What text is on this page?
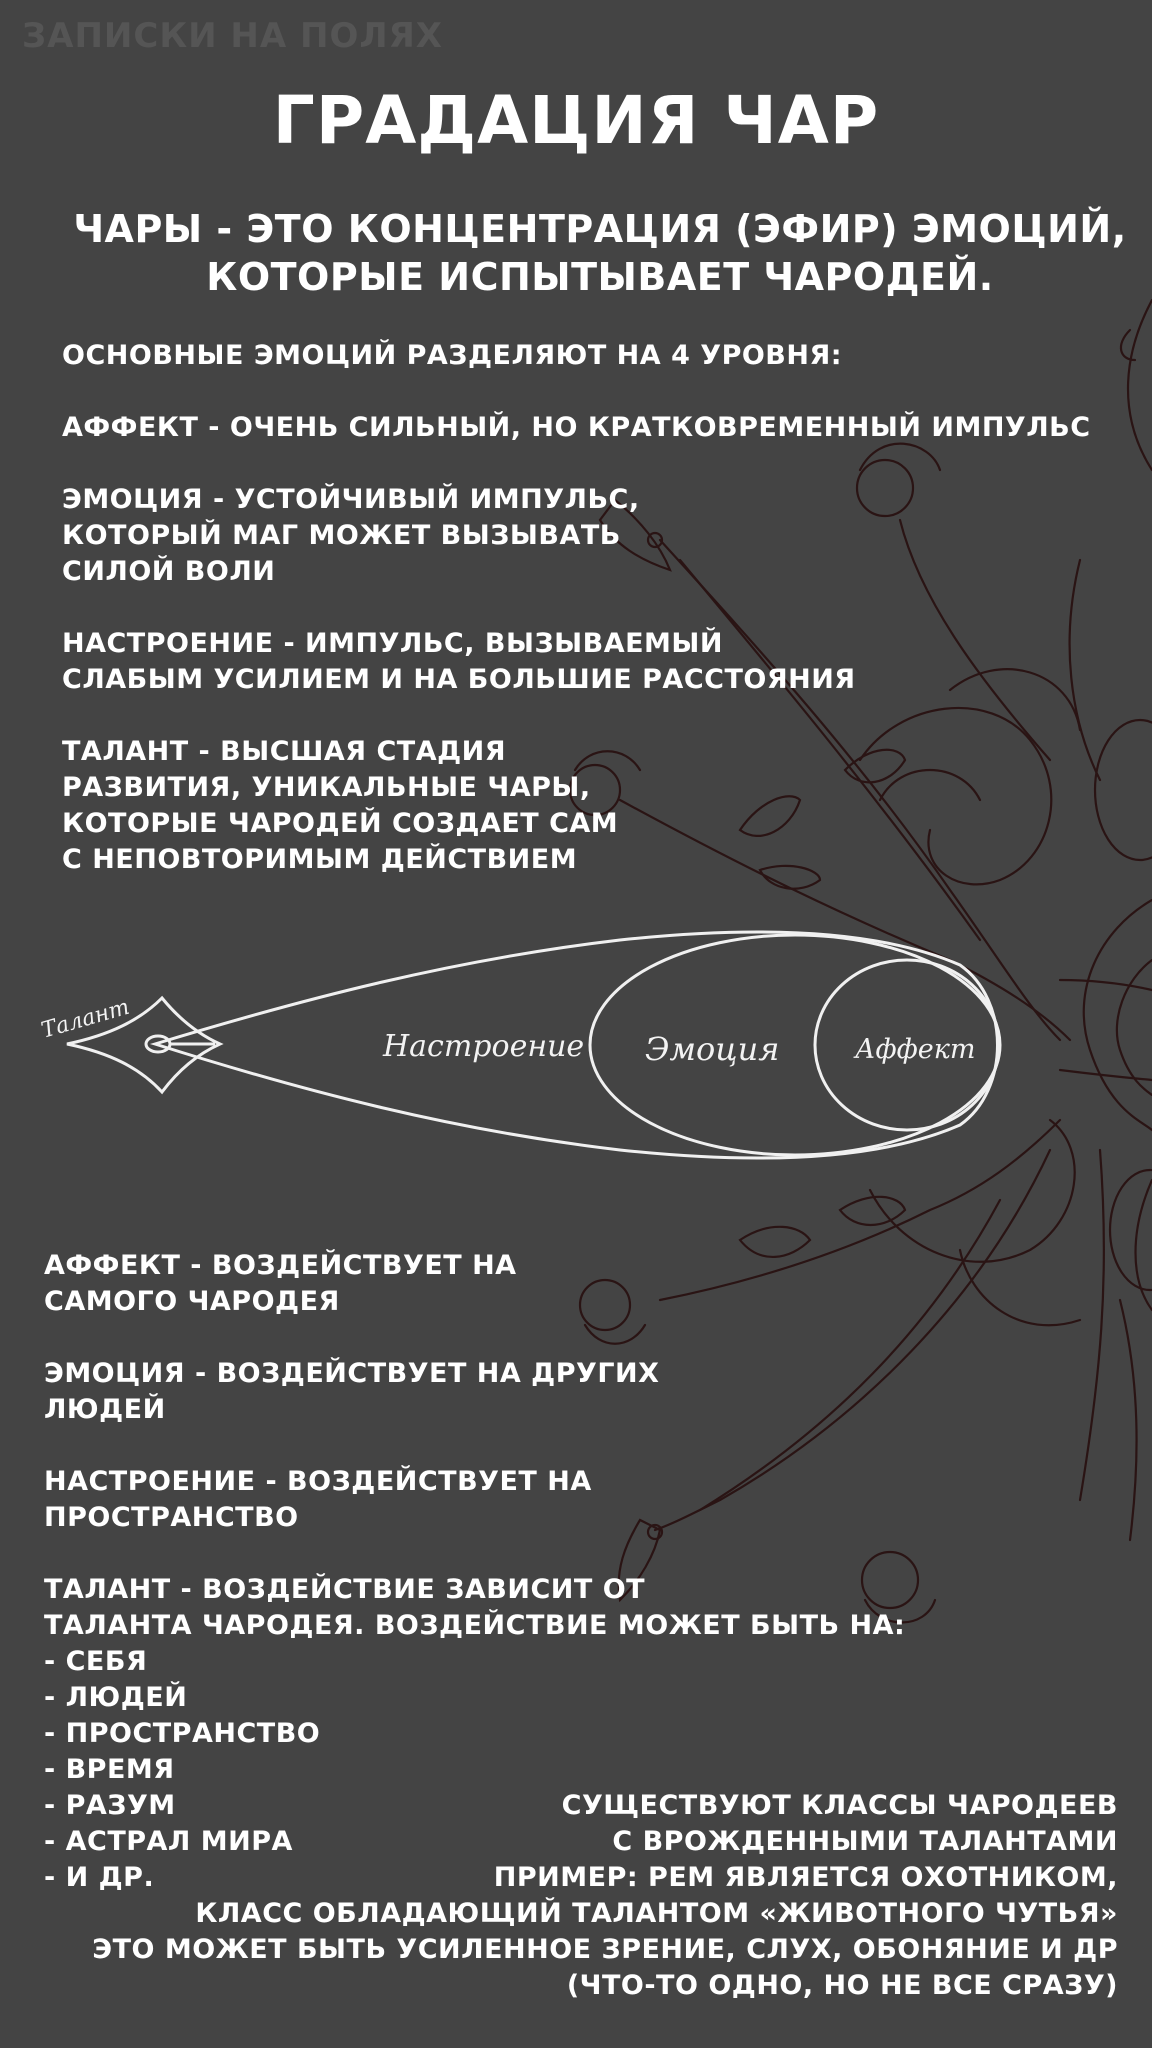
Талант
Настроение Эмоция	Аффект
ЗАПИСКИ НА ПОЛЯХ
ГРАДАЦИЯ ЧАР
ЧАРЫ - ЭТО КОНЦЕНТРАЦИЯ (ЭФИР) ЭМОЦИЙ,
КОТОРЫЕ ИСПЫТЫВАЕТ ЧАРОДЕЙ.
ОСНОВНЫЕ ЭМОЦИЙ РАЗДЕЛЯЮТ НА 4 УРОВНЯ:
АФФЕКТ - ОЧЕНЬ СИЛЬНЫЙ, НО КРАТКОВРЕМЕННЫЙ ИМПУЛЬС
ЭМОЦИЯ - УСТОЙЧИВЫЙ ИМПУЛЬС,
КОТОРЫЙ МАГ МОЖЕТ ВЫЗЫВАТЬ
СИЛОЙ ВОЛИ
НАСТРОЕНИЕ - ИМПУЛЬС, ВЫЗЫВАЕМЫЙ
СЛАБЫМ УСИЛИЕМ И НА БОЛЬШИЕ РАССТОЯНИЯ
ТАЛАНТ - ВЫСШАЯ СТАДИЯ
РАЗВИТИЯ, УНИКАЛЬНЫЕ ЧАРЫ,
КОТОРЫЕ ЧАРОДЕЙ СОЗДАЕТ САМ
С НЕПОВТОРИМЫМ ДЕЙСТВИЕМ
АФФЕКТ - ВОЗДЕЙСТВУЕТ НА
САМОГО ЧАРОДЕЯ
ЭМОЦИЯ - ВОЗДЕЙСТВУЕТ НА ДРУГИХ
ЛЮДЕЙ
НАСТРОЕНИЕ - ВОЗДЕЙСТВУЕТ НА
ПРОСТРАНСТВО
ТАЛАНТ - ВОЗДЕЙСТВИЕ ЗАВИСИТ ОТ
ТАЛАНТА ЧАРОДЕЯ. ВОЗДЕЙСТВИЕ МОЖЕТ БЫТЬ НА:
- СЕБЯ
- ЛЮДЕЙ
- ПРОСТРАНСТВО
- ВРЕМЯ
- РАЗУМ
- АСТРАЛ МИРА
- И ДР.
СУЩЕСТВУЮТ КЛАССЫ ЧАРОДЕЕВ
С ВРОЖДЕННЫМИ ТАЛАНТАМИ
ПРИМЕР: РЕМ ЯВЛЯЕТСЯ ОХОТНИКОМ,
КЛАСС ОБЛАДАЮЩИЙ ТАЛАНТОМ «ЖИВОТНОГО ЧУТЬЯ»
ЭТО МОЖЕТ БЫТЬ УСИЛЕННОЕ ЗРЕНИЕ, СЛУХ, ОБОНЯНИЕ И ДР
(ЧТО-ТО ОДНО, НО НЕ ВСЕ СРАЗУ)
